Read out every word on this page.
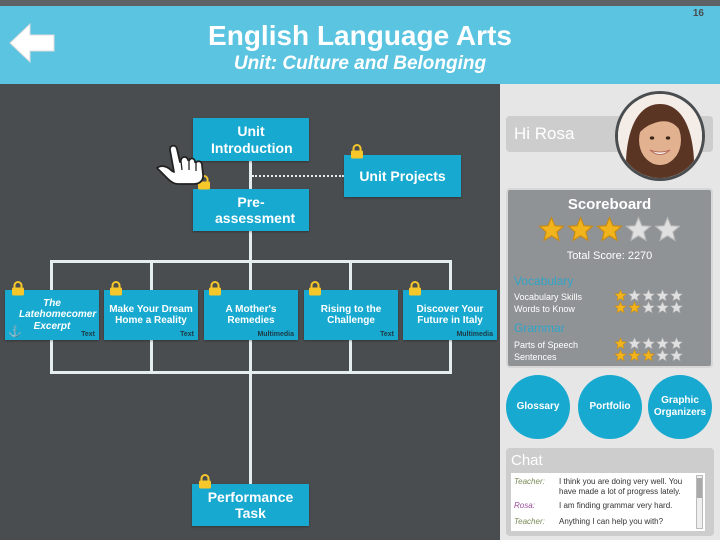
English Language Arts
Unit: Culture and Belonging
16
Unit Introduction
Pre-assessment
Unit Projects
The Latehomecomer Excerpt
⚓	Text
Make Your Dream Home a Reality
Text
A Mother's Remedies
Multimedia
Rising to the Challenge
Text
Discover Your Future in Italy
Multimedia
Performance Task
Hi Rosa
Scoreboard
Total Score: 2270
Vocabulary
Vocabulary Skills
Words to Know
Grammar
Parts of Speech
Sentences
Glossary	Portfolio
Graphic Organizers
Chat
Teacher:	I think you are doing very well. You have made a lot of progress lately.
Rosa:	I am finding grammar very hard.
Teacher:	Anything I can help you with?
